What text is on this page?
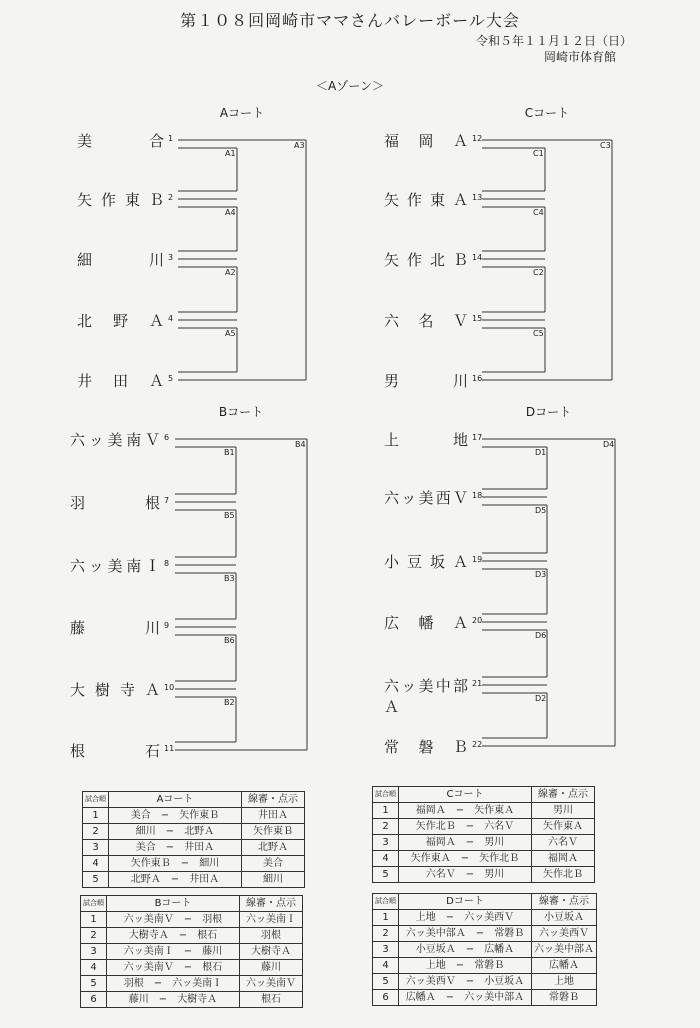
第１０８回岡崎市ママさんバレーボール大会
令和５年１１月１２日（日）
岡崎市体育館
＜Aゾーン＞
Aコート
美　　合 1
矢作東Ｂ 2
細　　川 3
北野Ａ 4
井田Ａ 5
A1
A4
A2
A5
A3
Cコート
福岡Ａ 12
矢作東Ａ 13
矢作北Ｂ 14
六名Ｖ 15
男　　川 16
C1
C4
C2
C5
C3
Bコート
六ッ美南Ｖ 6
羽　　根 7
六ッ美南Ｉ 8
藤　　川 9
大樹寺Ａ 10
根　　石 11
B1
B5
B3
B6
B2
B4
Dコート
上　　地 17
六ッ美西Ｖ 18
小豆坂Ａ 19
広幡Ａ 20
六ッ美中部Ａ
21
常磐Ｂ 22
D1
D5
D3
D6
D2
D4
試合順	Aコート	線審・点示
1	美合　−　矢作東Ｂ	井田Ａ
2	細川　−　北野Ａ	矢作東Ｂ
3	美合　−　井田Ａ	北野Ａ
4	矢作東Ｂ　−　細川	美合
5	北野Ａ　−　井田Ａ	細川
試合順	Cコート	線審・点示
1	福岡Ａ　−　矢作東Ａ	男川
2	矢作北Ｂ　−　六名Ｖ	矢作東Ａ
3	福岡Ａ　−　男川	六名Ｖ
4	矢作東Ａ　−　矢作北Ｂ	福岡Ａ
5	六名Ｖ　−　男川	矢作北Ｂ
試合順	Bコート	線審・点示
1	六ッ美南Ｖ　−　羽根	六ッ美南Ｉ
2	大樹寺Ａ　−　根石	羽根
3	六ッ美南Ｉ　−　藤川	大樹寺Ａ
4	六ッ美南Ｖ　−　根石	藤川
5	羽根　−　六ッ美南Ｉ	六ッ美南Ｖ
6	藤川　−　大樹寺Ａ	根石
試合順	Dコート	線審・点示
1	上地　−　六ッ美西Ｖ	小豆坂Ａ
2	六ッ美中部Ａ　−　常磐Ｂ	六ッ美西Ｖ
3	小豆坂Ａ　−　広幡Ａ	六ッ美中部Ａ
4	上地　−　常磐Ｂ	広幡Ａ
5	六ッ美西Ｖ　−　小豆坂Ａ	上地
6	広幡Ａ　−　六ッ美中部Ａ	常磐Ｂ
